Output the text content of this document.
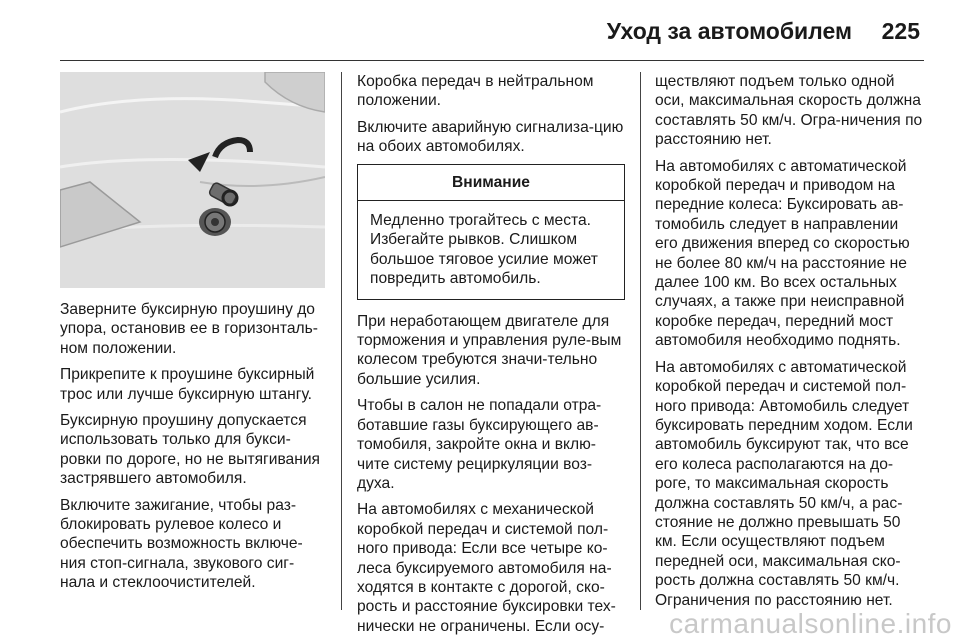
Уход за автомобилем 225

Заверните буксирную проушину до упора, остановив ее в горизонталь-ном положении.

Прикрепите к проушине буксирный трос или лучше буксирную штангу.

Буксирную проушину допускается использовать только для букси-ровки по дороге, но не вытягивания застрявшего автомобиля.

Включите зажигание, чтобы раз-блокировать рулевое колесо и обеспечить возможность включе-ния стоп-сигнала, звукового сиг-нала и стеклоочистителей.

Коробка передач в нейтральном положении.

Включите аварийную сигнализа-цию на обоих автомобилях.

Внимание
Медленно трогайтесь с места. Избегайте рывков. Слишком большое тяговое усилие может повредить автомобиль.

При неработающем двигателе для торможения и управления руле-вым колесом требуются значи-тельно большие усилия.

Чтобы в салон не попадали отра-ботавшие газы буксирующего ав-томобиля, закройте окна и вклю-чите систему рециркуляции воз-духа.

На автомобилях с механической коробкой передач и системой пол-ного привода: Если все четыре ко-леса буксируемого автомобиля на-ходятся в контакте с дорогой, ско-рость и расстояние буксировки тех-нически не ограничены. Если осу-

ществляют подъем только одной оси, максимальная скорость должна составлять 50 км/ч. Огра-ничения по расстоянию нет.

На автомобилях с автоматической коробкой передач и приводом на передние колеса: Буксировать ав-томобиль следует в направлении его движения вперед со скоростью не более 80 км/ч на расстояние не далее 100 км. Во всех остальных случаях, а также при неисправной коробке передач, передний мост автомобиля необходимо поднять.

На автомобилях с автоматической коробкой передач и системой пол-ного привода: Автомобиль следует буксировать передним ходом. Если автомобиль буксируют так, что все его колеса располагаются на до-роге, то максимальная скорость должна составлять 50 км/ч, а рас-стояние не должно превышать 50 км. Если осуществляют подъем передней оси, максимальная ско-рость должна составлять 50 км/ч. Ограничения по расстоянию нет.

carmanualsonline.info
